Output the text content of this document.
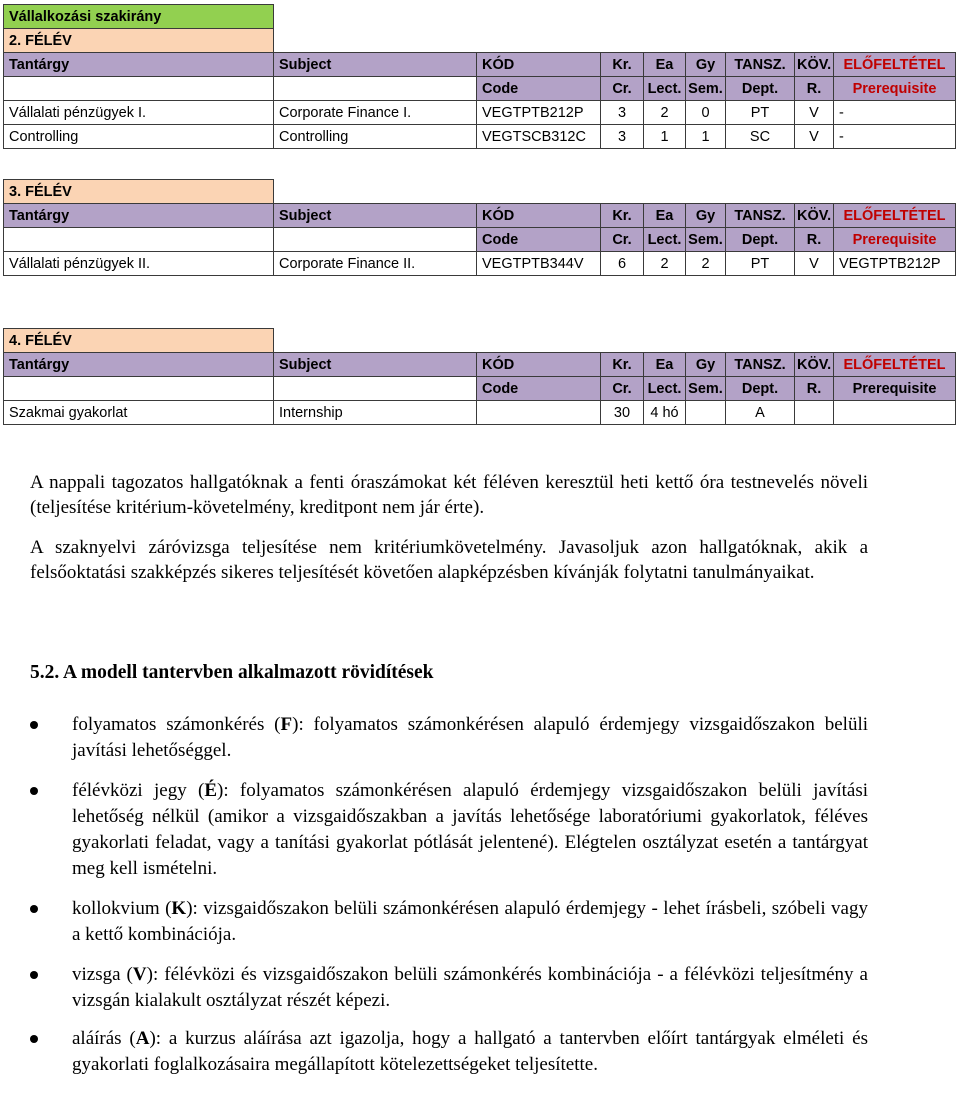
Vállalkozási szakirány								
2. FÉLÉV								
Tantárgy	Subject	KÓD	Kr.	Ea	Gy	TANSZ.	KÖV.	ELŐFELTÉTEL
		Code	Cr.	Lect.	Sem.	Dept.	R.	Prerequisite
Vállalati pénzügyek I.	Corporate Finance I.	VEGTPTB212P	3	2	0	PT	V	-
Controlling	Controlling	VEGTSCB312C	3	1	1	SC	V	-
3. FÉLÉV								
Tantárgy	Subject	KÓD	Kr.	Ea	Gy	TANSZ.	KÖV.	ELŐFELTÉTEL
		Code	Cr.	Lect.	Sem.	Dept.	R.	Prerequisite
Vállalati pénzügyek II.	Corporate Finance II.	VEGTPTB344V	6	2	2	PT	V	VEGTPTB212P
4. FÉLÉV								
Tantárgy	Subject	KÓD	Kr.	Ea	Gy	TANSZ.	KÖV.	ELŐFELTÉTEL
		Code	Cr.	Lect.	Sem.	Dept.	R.	Prerequisite
Szakmai gyakorlat	Internship		30	4 hó		A		

A nappali tagozatos hallgatóknak a fenti óraszámokat két féléven keresztül heti kettő óra testnevelés növeli (teljesítése kritérium-követelmény, kreditpont nem jár érte).

A szaknyelvi záróvizsga teljesítése nem kritériumkövetelmény. Javasoljuk azon hallgatóknak, akik a felsőoktatási szakképzés sikeres teljesítését követően alapképzésben kívánják folytatni tanulmányaikat.

5.2. A modell tantervben alkalmazott rövidítések
folyamatos számonkérés (F): folyamatos számonkérésen alapuló érdemjegy vizsgaidőszakon belüli javítási lehetőséggel.
félévközi jegy (É): folyamatos számonkérésen alapuló érdemjegy vizsgaidőszakon belüli javítási lehetőség nélkül (amikor a vizsgaidőszakban a javítás lehetősége laboratóriumi gyakorlatok, féléves gyakorlati feladat, vagy a tanítási gyakorlat pótlását jelentené). Elégtelen osztályzat esetén a tantárgyat meg kell ismételni.
kollokvium (K): vizsgaidőszakon belüli számonkérésen alapuló érdemjegy - lehet írásbeli, szóbeli vagy a kettő kombinációja.
vizsga (V): félévközi és vizsgaidőszakon belüli számonkérés kombinációja - a félévközi teljesítmény a vizsgán kialakult osztályzat részét képezi.
aláírás (A): a kurzus aláírása azt igazolja, hogy a hallgató a tantervben előírt tantárgyak elméleti és gyakorlati foglalkozásaira megállapított kötelezettségeket teljesítette.
